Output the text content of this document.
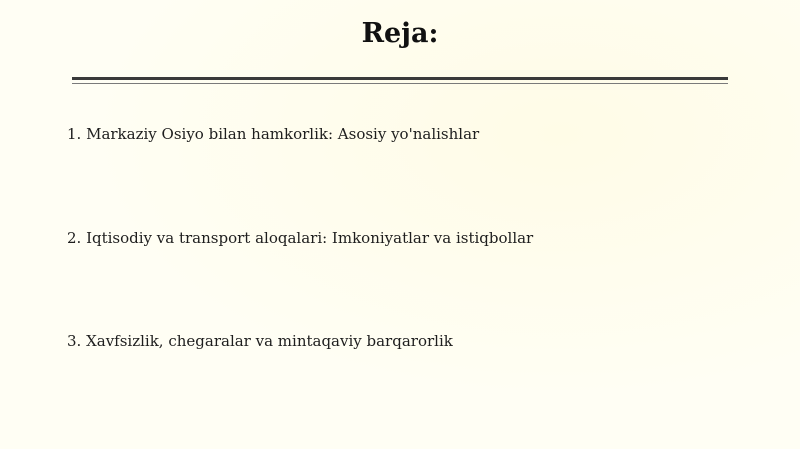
Reja:
1. Markaziy Osiyo bilan hamkorlik: Asosiy yo'nalishlar
2. Iqtisodiy va transport aloqalari: Imkoniyatlar va istiqbollar
3. Xavfsizlik, chegaralar va mintaqaviy barqarorlik
